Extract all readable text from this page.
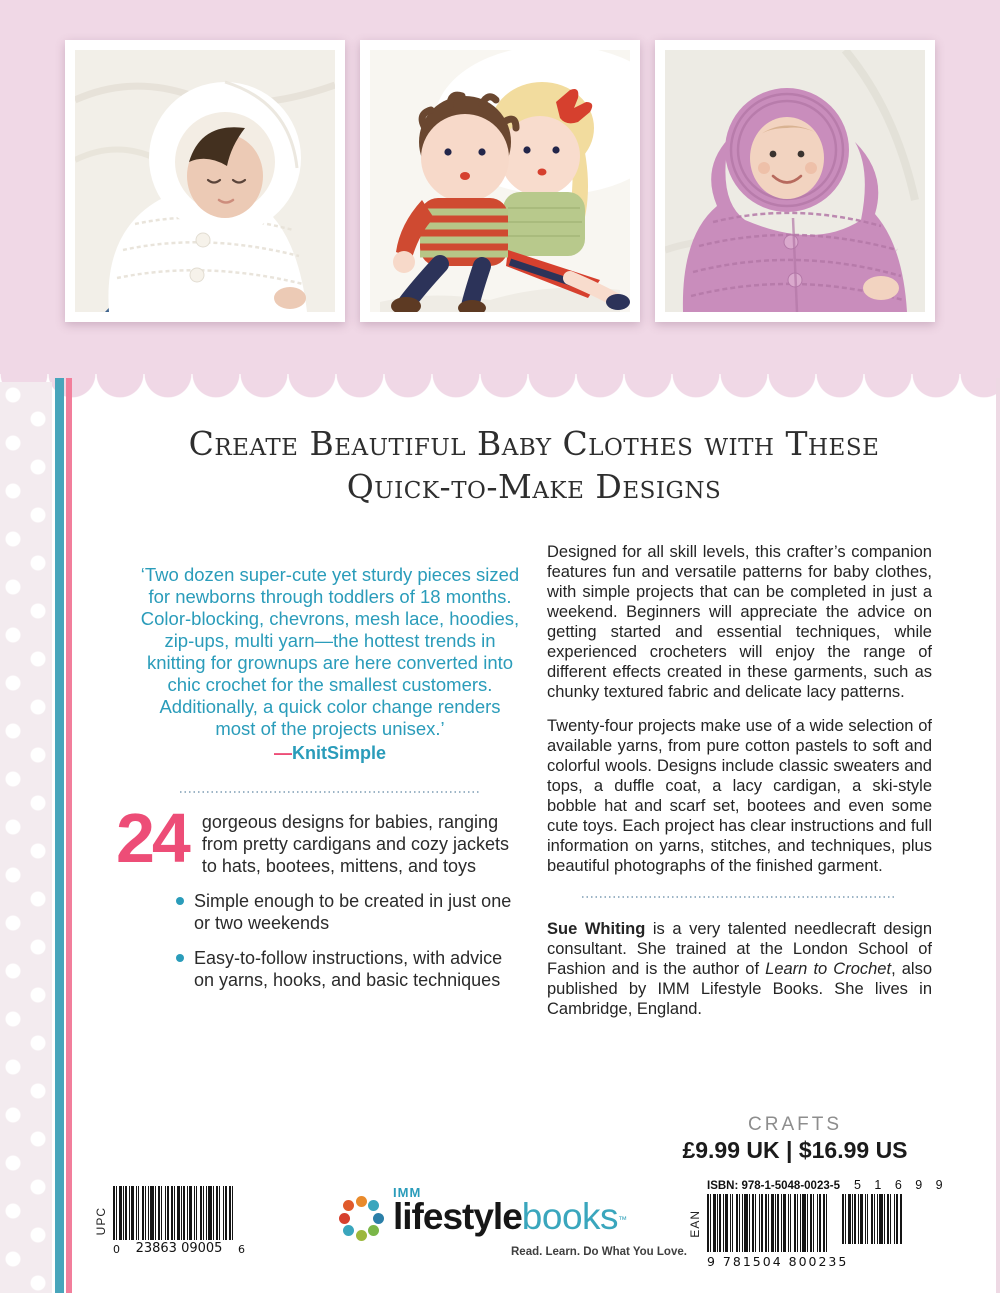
Create Beautiful Baby Clothes with These
Quick-to-Make Designs

‘Two dozen super-cute yet sturdy pieces sized for newborns through toddlers of 18 months. Color-blocking, chevrons, mesh lace, hoodies, zip-ups, multi yarn—the hottest trends in knitting for grownups are here converted into chic crochet for the smallest customers. Additionally, a quick color change renders most of the projects unisex.’

—KnitSimple
24 gorgeous designs for babies, ranging from pretty cardigans and cozy jackets to hats, bootees, mittens, and toys
Simple enough to be created in just one or two weekends
Easy-to-follow instructions, with advice on yarns, hooks, and basic techniques

Designed for all skill levels, this crafter’s companion features fun and versatile patterns for baby clothes, with simple projects that can be completed in just a weekend. Beginners will appreciate the advice on getting started and essential techniques, while experienced crocheters will enjoy the range of different effects created in these garments, such as chunky textured fabric and delicate lacy patterns.

Twenty-four projects make use of a wide selection of available yarns, from pure cotton pastels to soft and colorful wools. Designs include classic sweaters and tops, a duffle coat, a lacy cardigan, a ski-style bobble hat and scarf set, bootees and even some cute toys. Each project has clear instructions and full information on yarns, stitches, and techniques, plus beautiful photographs of the finished garment.

Sue Whiting is a very talented needlecraft design consultant. She trained at the London School of Fashion and is the author of Learn to Crochet, also published by IMM Lifestyle Books. She lives in Cambridge, England.

CRAFTS
£9.99 UK | $16.99 US
UPC
0 23863 09005 6
EAN
ISBN: 978-1-5048-0023-5 5 1 6 9 9
9 781504 800235
IMM
lifestylebooks™
Read. Learn. Do What You Love.
